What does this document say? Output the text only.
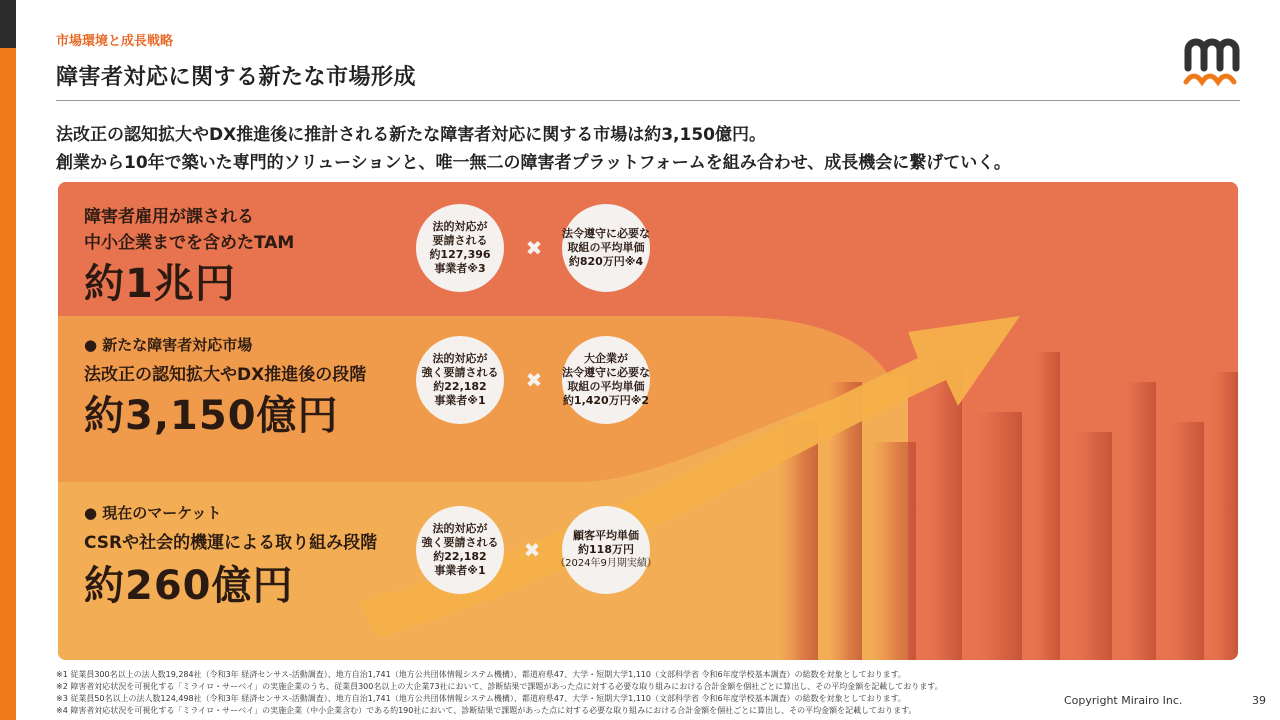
市場環境と成長戦略
障害者対応に関する新たな市場形成
法改正の認知拡大やDX推進後に推計される新たな障害者対応に関する市場は約3,150億円。
創業から10年で築いた専門的ソリューションと、唯一無二の障害者プラットフォームを組み合わせ、成長機会に繋げていく。
障害者雇用が課される
中小企業までを含めたTAM
約1兆円
法的対応が
要請される
約127,396
事業者※3
✖
法令遵守に必要な
取組の平均単価
約820万円※4
● 新たな障害者対応市場
法改正の認知拡大やDX推進後の段階
約3,150億円
法的対応が
強く要請される
約22,182
事業者※1
✖
大企業が
法令遵守に必要な
取組の平均単価
約1,420万円※2
● 現在のマーケット
CSRや社会的機運による取り組み段階
約260億円
法的対応が
強く要請される
約22,182
事業者※1
✖
顧客平均単価
約118万円
（2024年9月期実績）
※1 従業員300名以上の法人数19,284社（令和3年 経済センサス-活動調査）、地方自治1,741（地方公共団体情報システム機構）、都道府県47、大学・短期大学1,110（文部科学省 令和6年度学校基本調査）の総数を対象としております。
※2 障害者対応状況を可視化する「ミライロ・サーベイ」の実施企業のうち、従業員300名以上の大企業73社において、診断結果で課題があった点に対する必要な取り組みにおける合計金額を個社ごとに算出し、その平均金額を記載しております。
※3 従業員50名以上の法人数124,498社（令和3年 経済センサス-活動調査）、地方自治1,741（地方公共団体情報システム機構）、都道府県47、大学・短期大学1,110（文部科学省 令和6年度学校基本調査）の総数を対象としております。
※4 障害者対応状況を可視化する「ミライロ・サーベイ」の実施企業（中小企業含む）である約190社において、診断結果で課題があった点に対する必要な取り組みにおける合計金額を個社ごとに算出し、その平均金額を記載しております。
Copyright Mirairo Inc.	39
